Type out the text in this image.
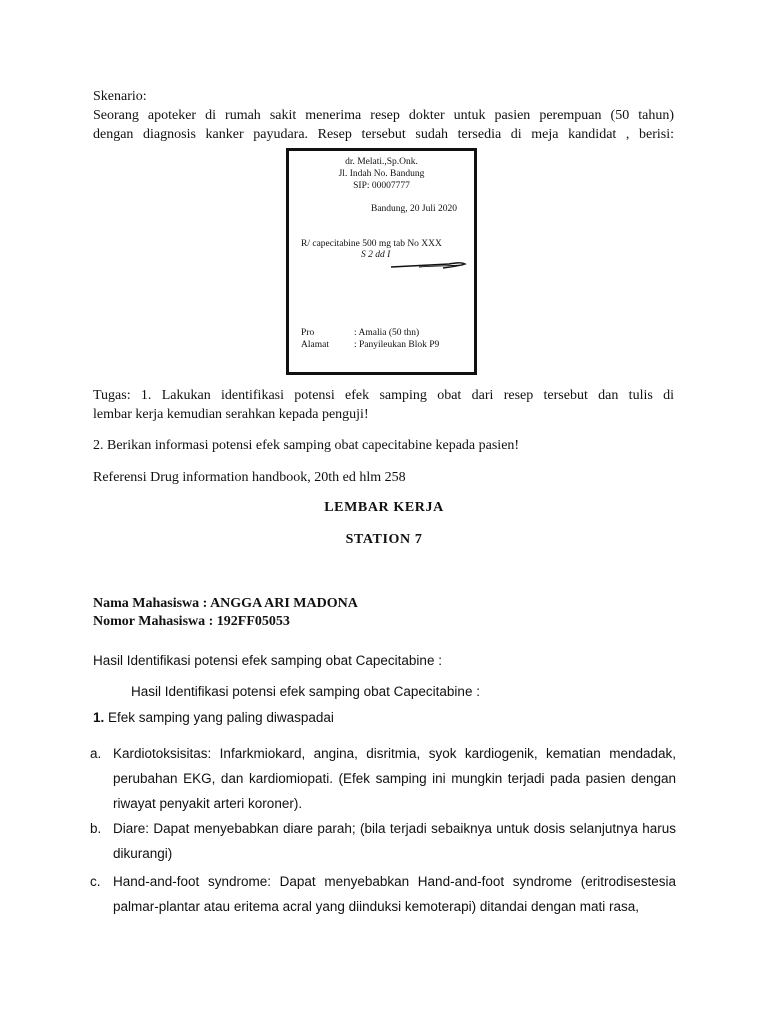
Skenario:
Seorang apoteker di rumah sakit menerima resep dokter untuk pasien perempuan (50 tahun)
dengan diagnosis kanker payudara. Resep tersebut sudah tersedia di meja kandidat , berisi:
dr. Melati.,Sp.Onk.
Jl. Indah No. Bandung
SIP: 00007777
Bandung, 20 Juli 2020
R/ capecitabine 500 mg tab No XXX
S 2 dd I
Pro	: Amalia (50 thn)
Alamat	: Panyileukan Blok P9
Tugas: 1. Lakukan identifikasi potensi efek samping obat dari resep tersebut dan tulis di
lembar kerja kemudian serahkan kepada penguji!
2. Berikan informasi potensi efek samping obat capecitabine kepada pasien!
Referensi Drug information handbook, 20th ed hlm 258
LEMBAR KERJA
STATION 7
Nama Mahasiswa : ANGGA ARI MADONA
Nomor Mahasiswa : 192FF05053
Hasil Identifikasi potensi efek samping obat Capecitabine :
Hasil Identifikasi potensi efek samping obat Capecitabine :
1. Efek samping yang paling diwaspadai
a. Kardiotoksisitas: Infarkmiokard, angina, disritmia, syok kardiogenik, kematian mendadak, perubahan EKG, dan kardiomiopati. (Efek samping ini mungkin terjadi pada pasien dengan riwayat penyakit arteri koroner).
b. Diare: Dapat menyebabkan diare parah; (bila terjadi sebaiknya untuk dosis selanjutnya harus dikurangi)
c. Hand-and-foot syndrome: Dapat menyebabkan Hand-and-foot syndrome (eritrodisestesia palmar-plantar atau eritema acral yang diinduksi kemoterapi) ditandai dengan mati rasa,
